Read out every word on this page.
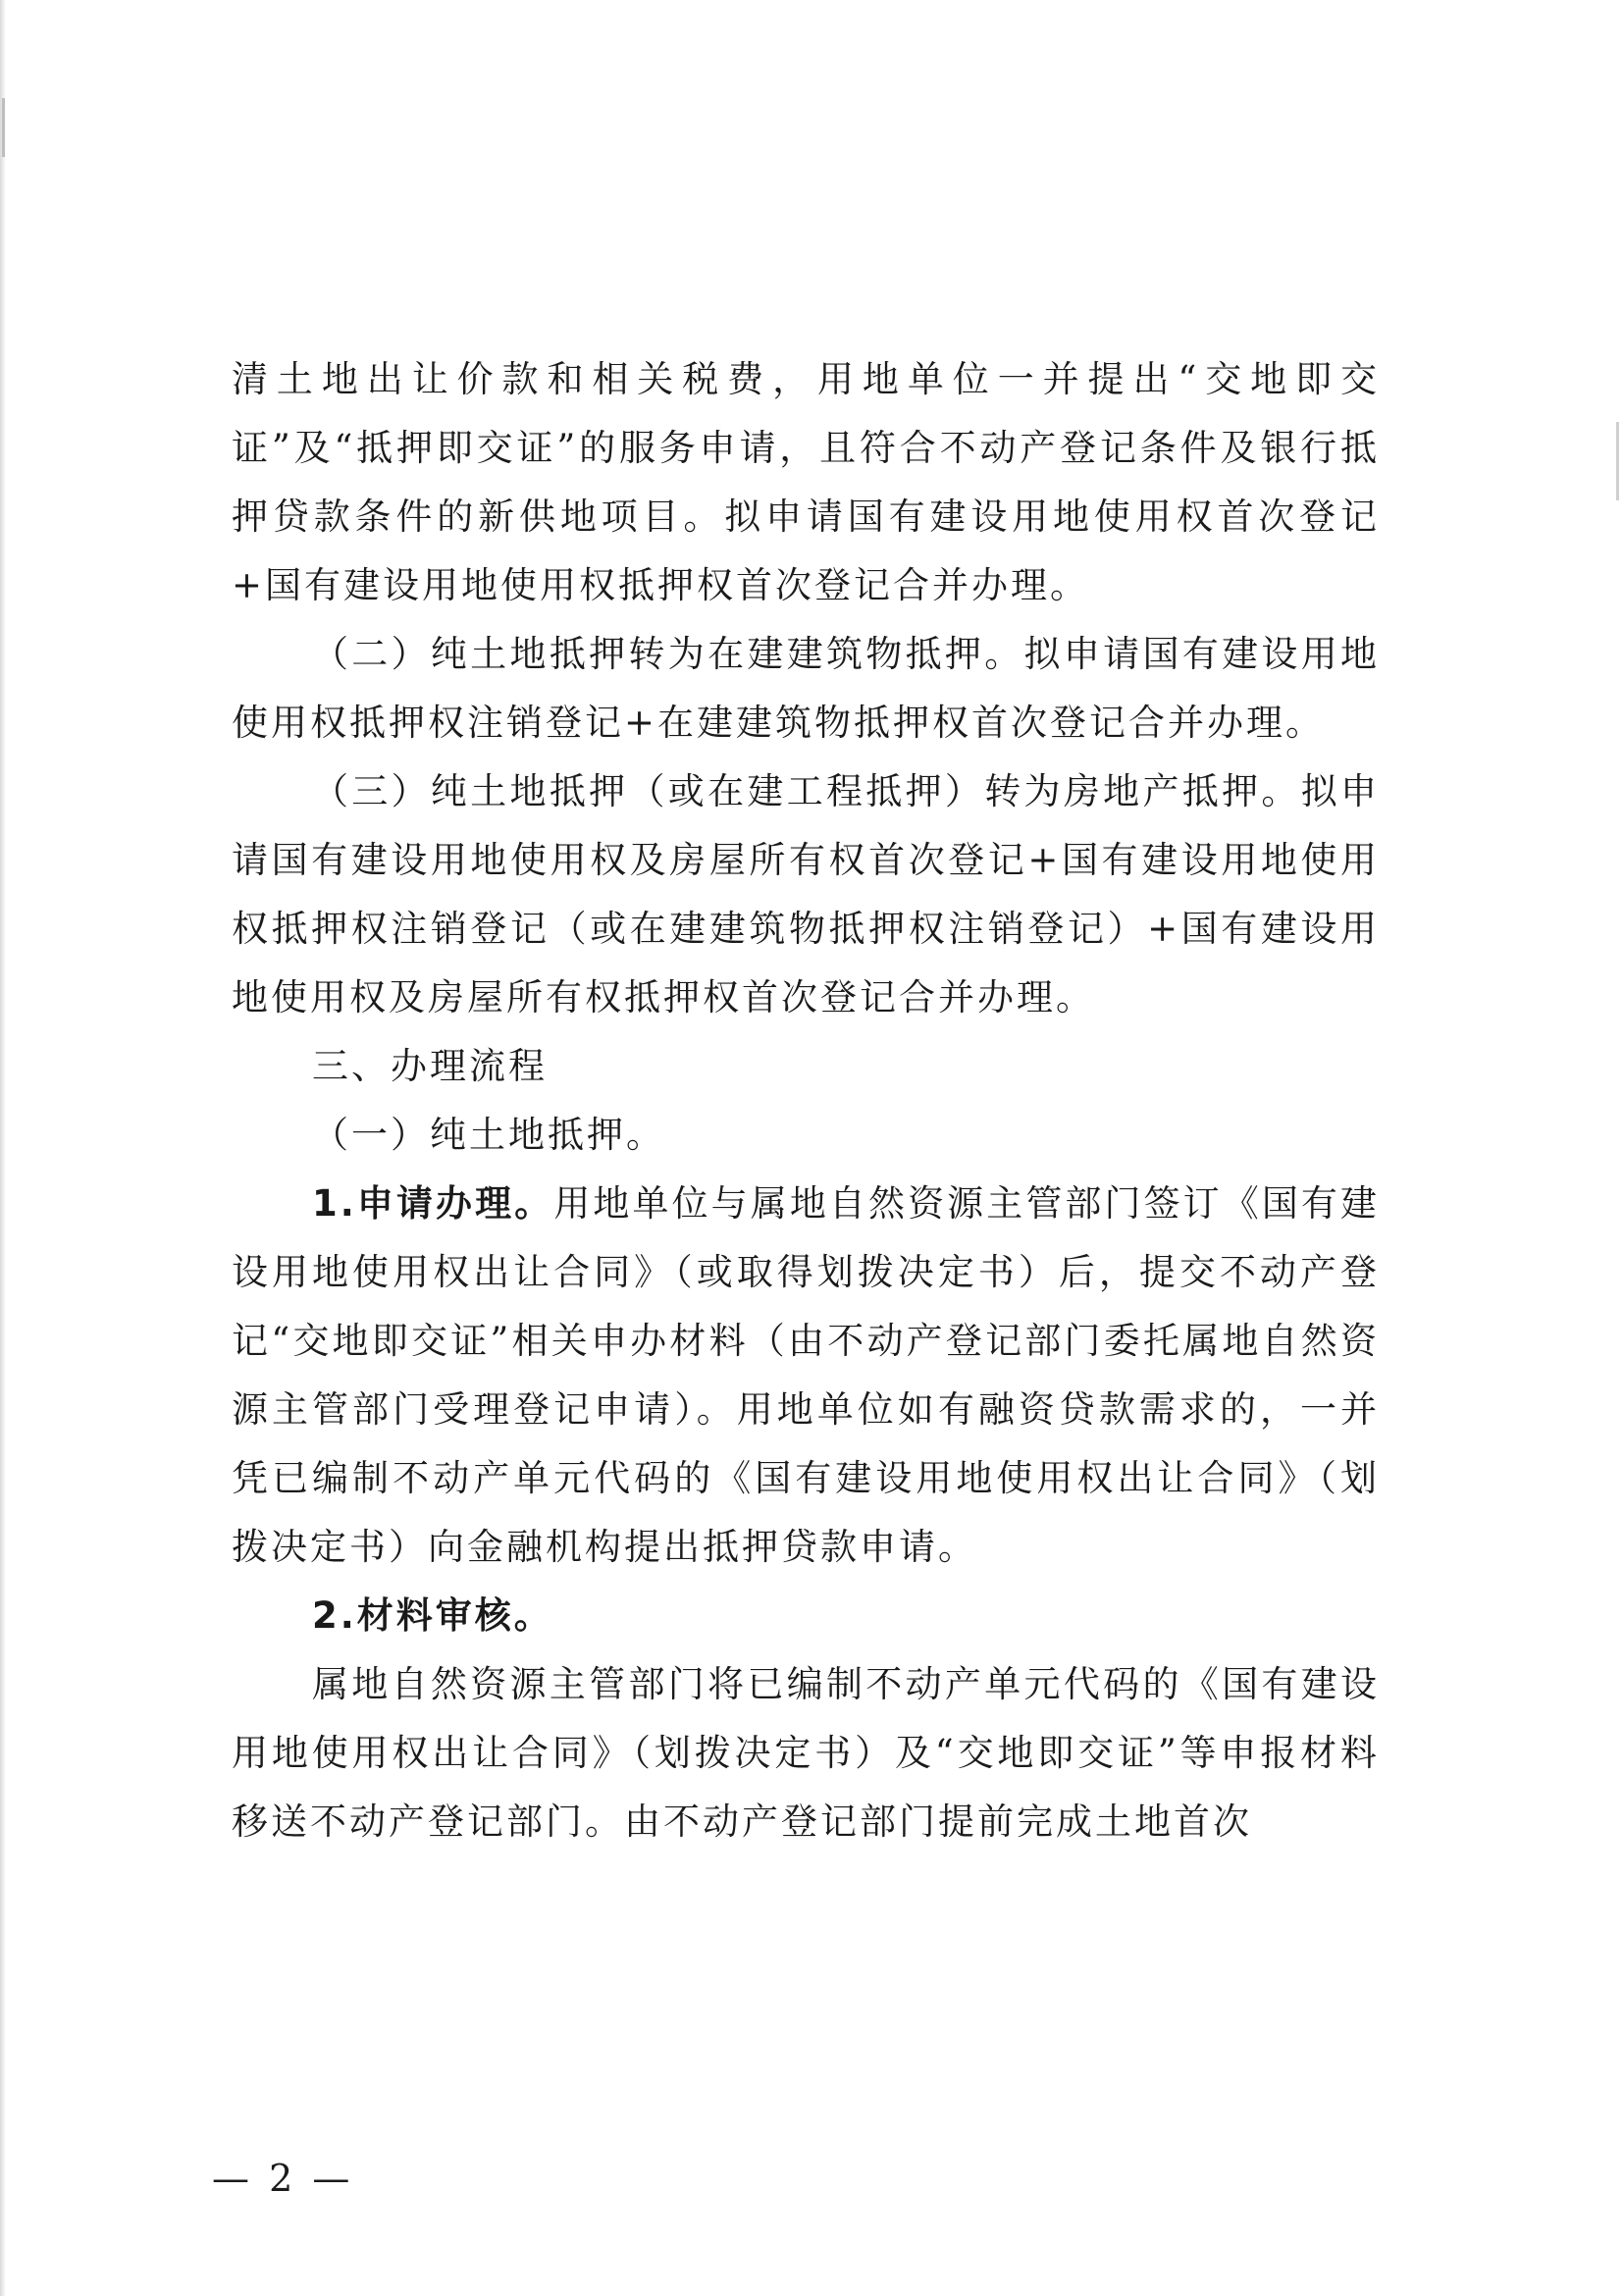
清土地出让价款和相关税费，用地单位一并提出“交地即交证”及“抵押即交证”的服务申请，且符合不动产登记条件及银行抵押贷款条件的新供地项目。拟申请国有建设用地使用权首次登记+国有建设用地使用权抵押权首次登记合并办理。

（二）纯土地抵押转为在建建筑物抵押。拟申请国有建设用地使用权抵押权注销登记+在建建筑物抵押权首次登记合并办理。

（三）纯土地抵押（或在建工程抵押）转为房地产抵押。拟申请国有建设用地使用权及房屋所有权首次登记+国有建设用地使用权抵押权注销登记（或在建建筑物抵押权注销登记）+国有建设用地使用权及房屋所有权抵押权首次登记合并办理。

三、办理流程

（一）纯土地抵押。

1.申请办理。用地单位与属地自然资源主管部门签订《国有建设用地使用权出让合同》（或取得划拨决定书）后，提交不动产登记“交地即交证”相关申办材料（由不动产登记部门委托属地自然资源主管部门受理登记申请）。用地单位如有融资贷款需求的，一并凭已编制不动产单元代码的《国有建设用地使用权出让合同》（划拨决定书）向金融机构提出抵押贷款申请。

2.材料审核。

属地自然资源主管部门将已编制不动产单元代码的《国有建设用地使用权出让合同》（划拨决定书）及“交地即交证”等申报材料移送不动产登记部门。由不动产登记部门提前完成土地首次

— 2 —
